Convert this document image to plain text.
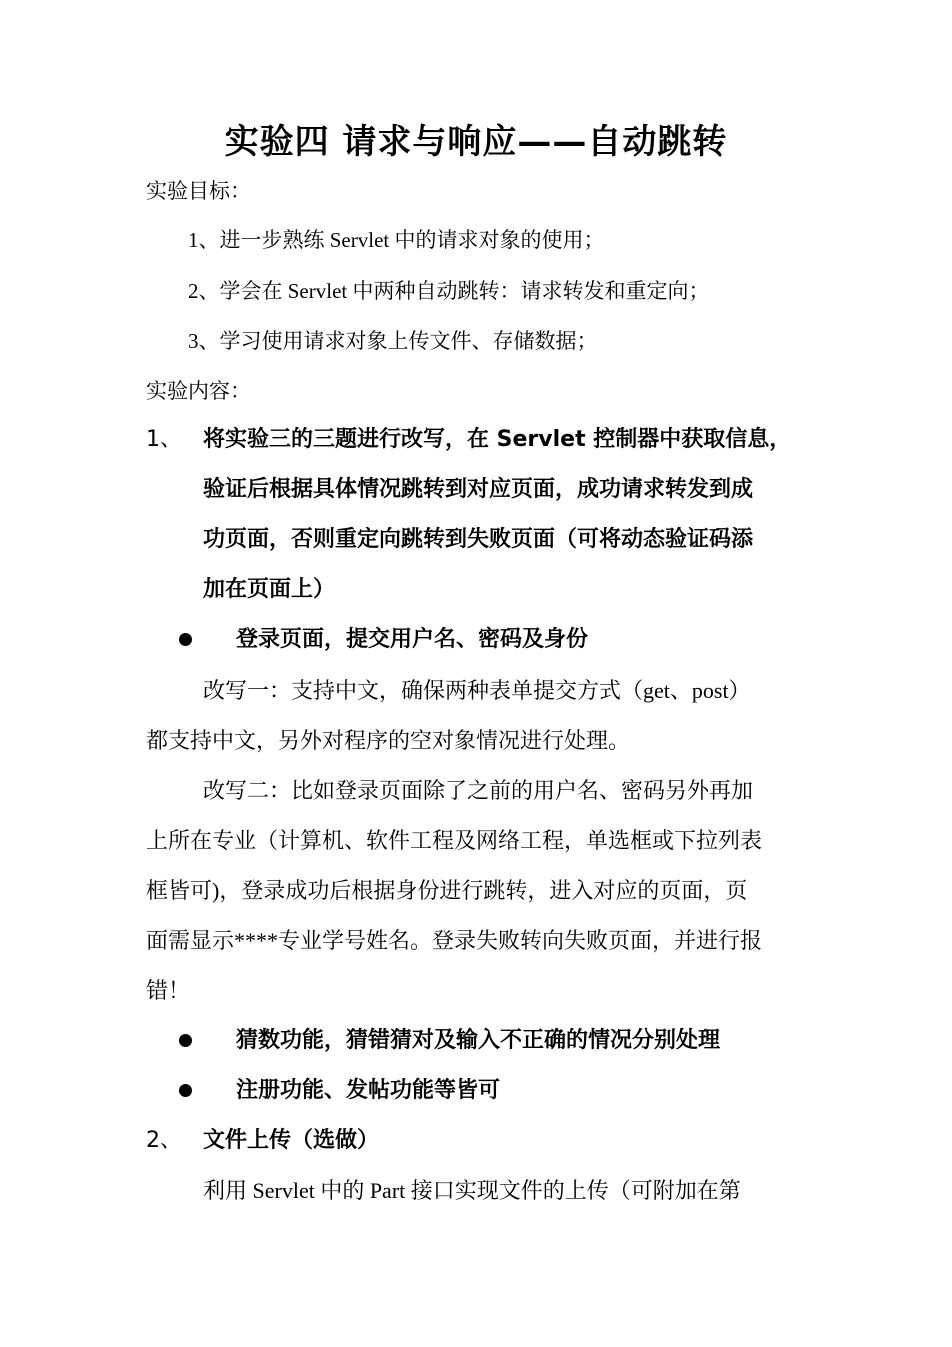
实验四 请求与响应——自动跳转
实验目标：
1、进一步熟练 Servlet 中的请求对象的使用；
2、学会在 Servlet 中两种自动跳转：请求转发和重定向；
3、学习使用请求对象上传文件、存储数据；
实验内容：
1、 将实验三的三题进行改写，在 Servlet 控制器中获取信息，
验证后根据具体情况跳转到对应页面，成功请求转发到成
功页面，否则重定向跳转到失败页面（可将动态验证码添
加在页面上）
登录页面，提交用户名、密码及身份
改写一：支持中文，确保两种表单提交方式（get、post）
都支持中文，另外对程序的空对象情况进行处理。
改写二：比如登录页面除了之前的用户名、密码另外再加
上所在专业（计算机、软件工程及网络工程，单选框或下拉列表
框皆可)，登录成功后根据身份进行跳转，进入对应的页面，页
面需显示****专业学号姓名。登录失败转向失败页面，并进行报
错！
猜数功能，猜错猜对及输入不正确的情况分别处理
注册功能、发帖功能等皆可
2、 文件上传（选做）
利用 Servlet 中的 Part 接口实现文件的上传（可附加在第
